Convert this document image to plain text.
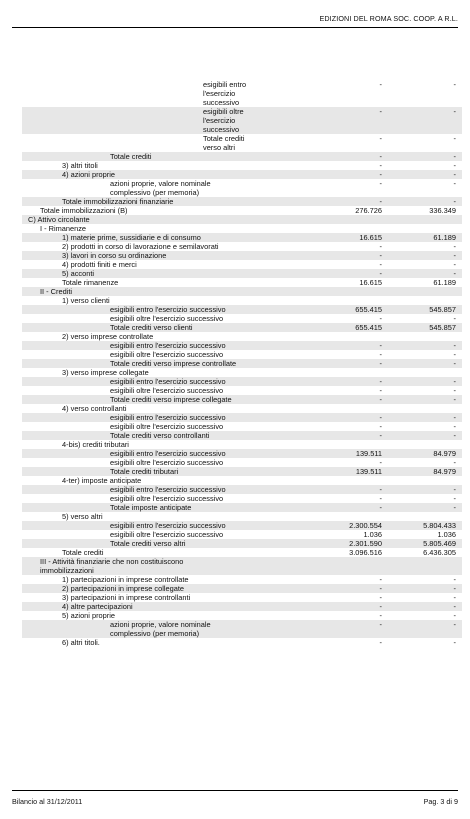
EDIZIONI DEL ROMA SOC. COOP. A R.L.
esigibili entro	-	-
l'esercizio
successivo
esigibili oltre	-	-
l'esercizio
successivo
Totale crediti	-	-
verso altri
Totale crediti	-	-
3) altri titoli	-	-
4) azioni proprie	-	-
azioni proprie, valore nominale	-	-
complessivo (per memoria)
Totale immobilizzazioni finanziarie	-	-
Totale immobilizzazioni (B)	276.726	336.349
C) Attivo circolante
I - Rimanenze
1) materie prime, sussidiarie e di consumo	16.615	61.189
2) prodotti in corso di lavorazione e semilavorati	-	-
3) lavori in corso su ordinazione	-	-
4) prodotti finiti e merci	-	-
5) acconti	-	-
Totale rimanenze	16.615	61.189
II - Crediti
1) verso clienti
esigibili entro l'esercizio successivo	655.415	545.857
esigibili oltre l'esercizio successivo	-	-
Totale crediti verso clienti	655.415	545.857
2) verso imprese controllate
esigibili entro l'esercizio successivo	-	-
esigibili oltre l'esercizio successivo	-	-
Totale crediti verso imprese controllate	-	-
3) verso imprese collegate
esigibili entro l'esercizio successivo	-	-
esigibili oltre l'esercizio successivo	-	-
Totale crediti verso imprese collegate	-	-
4) verso controllanti
esigibili entro l'esercizio successivo	-	-
esigibili oltre l'esercizio successivo	-	-
Totale crediti verso controllanti	-	-
4-bis) crediti tributari
esigibili entro l'esercizio successivo	139.511	84.979
esigibili oltre l'esercizio successivo	-	-
Totale crediti tributari	139.511	84.979
4-ter) imposte anticipate
esigibili entro l'esercizio successivo	-	-
esigibili oltre l'esercizio successivo	-	-
Totale imposte anticipate	-	-
5) verso altri
esigibili entro l'esercizio successivo	2.300.554	5.804.433
esigibili oltre l'esercizio successivo	1.036	1.036
Totale crediti verso altri	2.301.590	5.805.469
Totale crediti	3.096.516	6.436.305
III - Attività finanziarie che non costituiscono
immobilizzazioni
1) partecipazioni in imprese controllate	-	-
2) partecipazioni in imprese collegate	-	-
3) partecipazioni in imprese controllanti	-	-
4) altre partecipazioni	-	-
5) azioni proprie	-	-
azioni proprie, valore nominale	-	-
complessivo (per memoria)
6) altri titoli.	-	-
Bilancio al 31/12/2011	Pag. 3 di 9
